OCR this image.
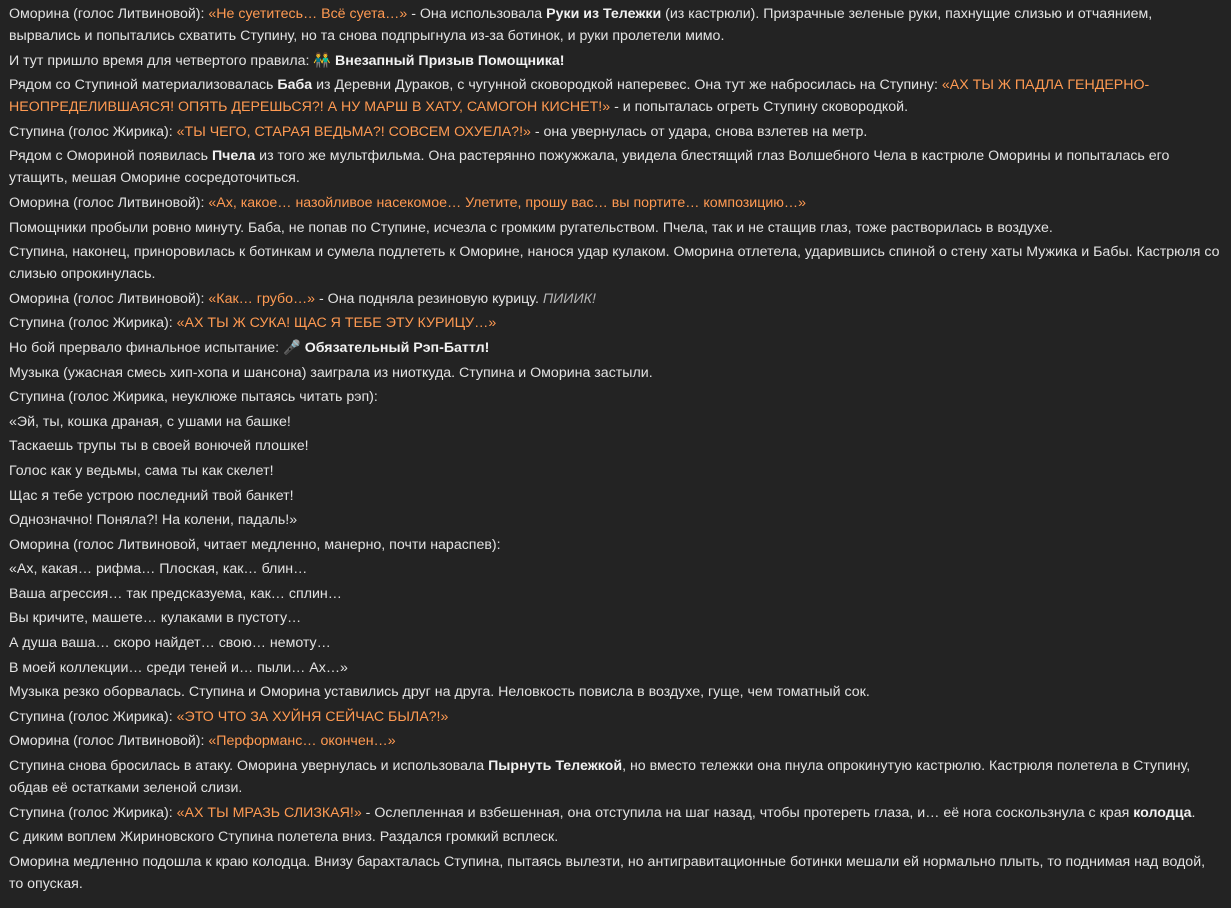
Оморина (голос Литвиновой): «Не суетитесь… Всё суета…» - Она использовала Руки из Тележки (из кастрюли). Призрачные зеленые руки, пахнущие слизью и отчаянием, вырвались и попытались схватить Ступину, но та снова подпрыгнула из-за ботинок, и руки пролетели мимо.

И тут пришло время для четвертого правила: 👬 Внезапный Призыв Помощника!

Рядом со Ступиной материализовалась Баба из Деревни Дураков, с чугунной сковородкой наперевес. Она тут же набросилась на Ступину: «АХ ТЫ Ж ПАДЛА ГЕНДЕРНО-НЕОПРЕДЕЛИВШАЯСЯ! ОПЯТЬ ДЕРЕШЬСЯ?! А НУ МАРШ В ХАТУ, САМОГОН КИСНЕТ!» - и попыталась огреть Ступину сковородкой.

Ступина (голос Жирика): «ТЫ ЧЕГО, СТАРАЯ ВЕДЬМА?! СОВСЕМ ОХУЕЛА?!» - она увернулась от удара, снова взлетев на метр.

Рядом с Омориной появилась Пчела из того же мультфильма. Она растерянно пожужжала, увидела блестящий глаз Волшебного Чела в кастрюле Оморины и попыталась его утащить, мешая Оморине сосредоточиться.

Оморина (голос Литвиновой): «Ах, какое… назойливое насекомое… Улетите, прошу вас… вы портите… композицию…»

Помощники пробыли ровно минуту. Баба, не попав по Ступине, исчезла с громким ругательством. Пчела, так и не стащив глаз, тоже растворилась в воздухе.

Ступина, наконец, приноровилась к ботинкам и сумела подлететь к Оморине, нанося удар кулаком. Оморина отлетела, ударившись спиной о стену хаты Мужика и Бабы. Кастрюля со слизью опрокинулась.

Оморина (голос Литвиновой): «Как… грубо…» - Она подняла резиновую курицу. ПИИИК!

Ступина (голос Жирика): «АХ ТЫ Ж СУКА! ЩАС Я ТЕБЕ ЭТУ КУРИЦУ…»

Но бой прервало финальное испытание: 🎤 Обязательный Рэп-Баттл!

Музыка (ужасная смесь хип-хопа и шансона) заиграла из ниоткуда. Ступина и Оморина застыли.

Ступина (голос Жирика, неуклюже пытаясь читать рэп):

«Эй, ты, кошка драная, с ушами на башке!

Таскаешь трупы ты в своей вонючей плошке!

Голос как у ведьмы, сама ты как скелет!

Щас я тебе устрою последний твой банкет!

Однозначно! Поняла?! На колени, падаль!»

Оморина (голос Литвиновой, читает медленно, манерно, почти нараспев):

«Ах, какая… рифма… Плоская, как… блин…

Ваша агрессия… так предсказуема, как… сплин…

Вы кричите, машете… кулаками в пустоту…

А душа ваша… скоро найдет… свою… немоту…

В моей коллекции… среди теней и… пыли… Ах…»

Музыка резко оборвалась. Ступина и Оморина уставились друг на друга. Неловкость повисла в воздухе, гуще, чем томатный сок.

Ступина (голос Жирика): «ЭТО ЧТО ЗА ХУЙНЯ СЕЙЧАС БЫЛА?!»

Оморина (голос Литвиновой): «Перформанс… окончен…»

Ступина снова бросилась в атаку. Оморина увернулась и использовала Пырнуть Тележкой, но вместо тележки она пнула опрокинутую кастрюлю. Кастрюля полетела в Ступину, обдав её остатками зеленой слизи.

Ступина (голос Жирика): «АХ ТЫ МРАЗЬ СЛИЗКАЯ!» - Ослепленная и взбешенная, она отступила на шаг назад, чтобы протереть глаза, и… её нога соскользнула с края колодца.

С диким воплем Жириновского Ступина полетела вниз. Раздался громкий всплеск.

Оморина медленно подошла к краю колодца. Внизу барахталась Ступина, пытаясь вылезти, но антигравитационные ботинки мешали ей нормально плыть, то поднимая над водой, то опуская.
